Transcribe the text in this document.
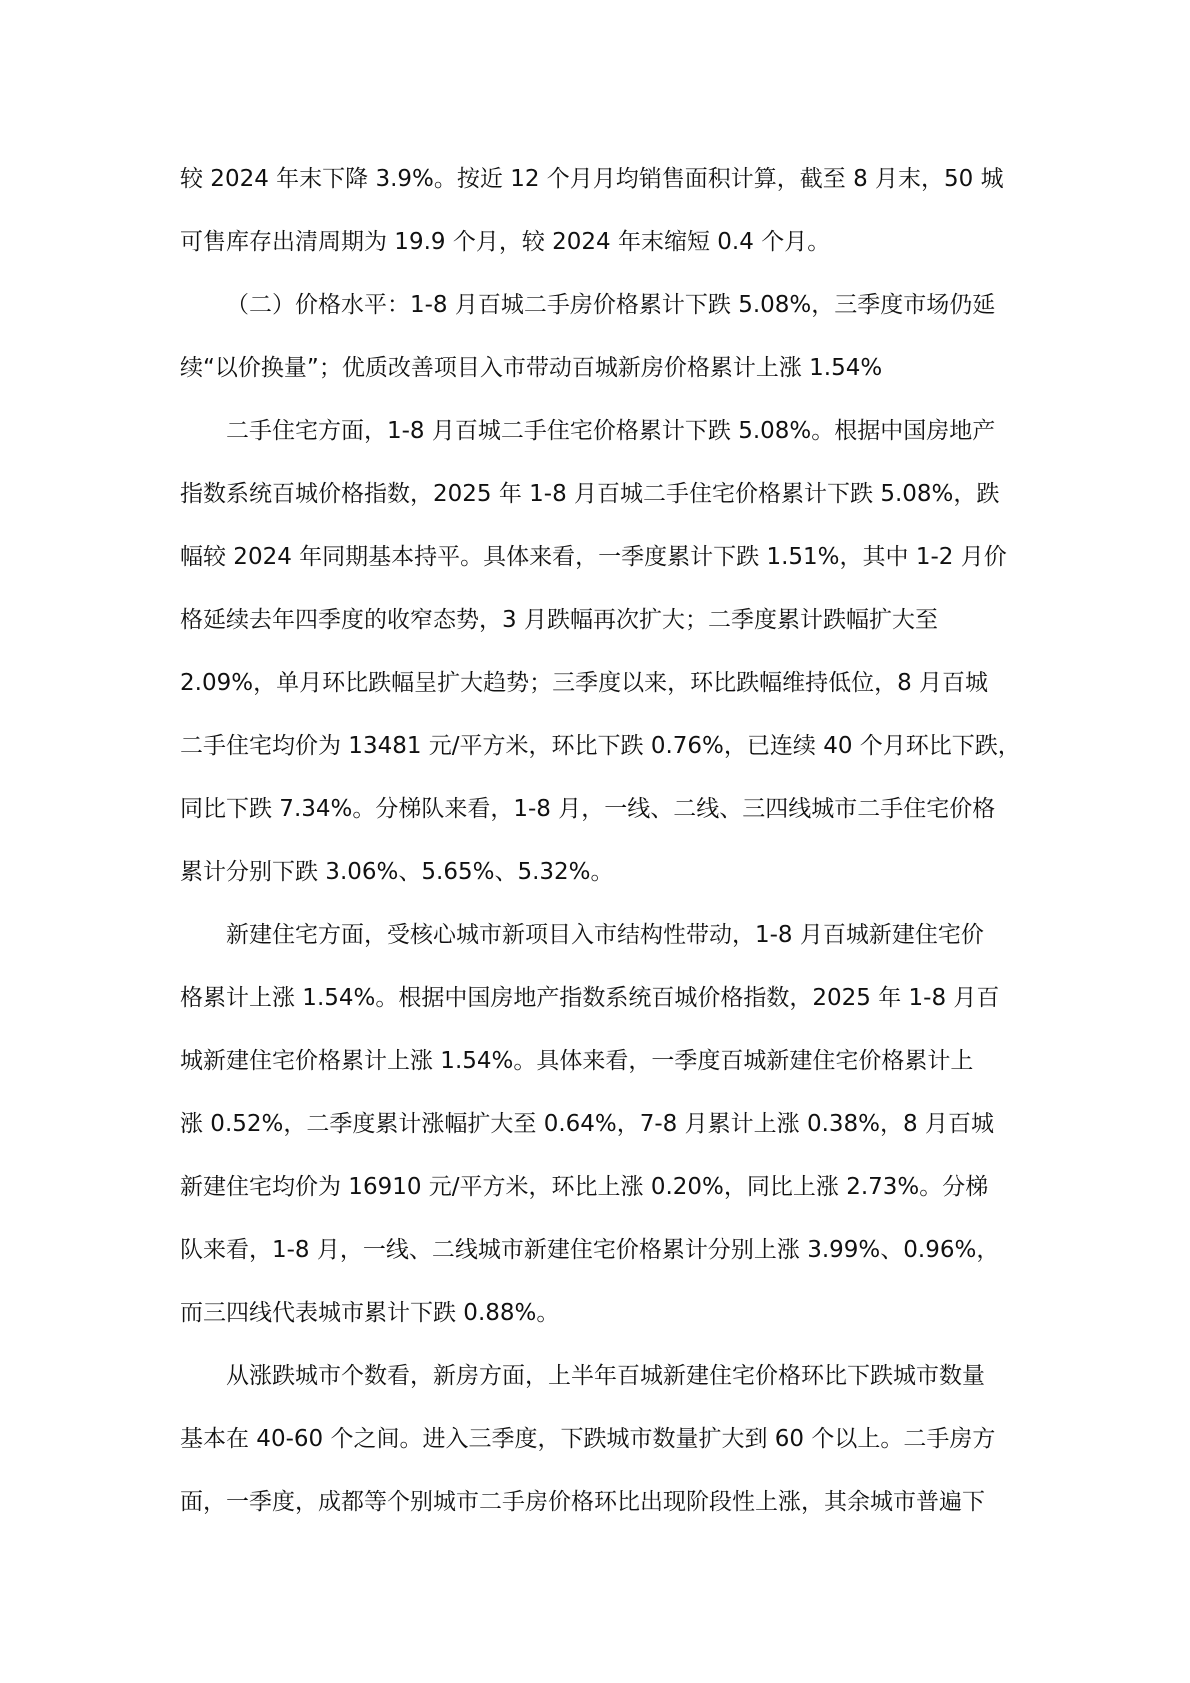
较 2024 年末下降 3.9%。按近 12 个月月均销售面积计算，截至 8 月末，50 城
可售库存出清周期为 19.9 个月，较 2024 年末缩短 0.4 个月。

（二）价格水平：1-8 月百城二手房价格累计下跌 5.08%，三季度市场仍延
续“以价换量”；优质改善项目入市带动百城新房价格累计上涨 1.54%

二手住宅方面，1-8 月百城二手住宅价格累计下跌 5.08%。根据中国房地产
指数系统百城价格指数，2025 年 1-8 月百城二手住宅价格累计下跌 5.08%，跌
幅较 2024 年同期基本持平。具体来看，一季度累计下跌 1.51%，其中 1-2 月价
格延续去年四季度的收窄态势，3 月跌幅再次扩大；二季度累计跌幅扩大至
2.09%，单月环比跌幅呈扩大趋势；三季度以来，环比跌幅维持低位，8 月百城
二手住宅均价为 13481 元/平方米，环比下跌 0.76%，已连续 40 个月环比下跌，
同比下跌 7.34%。分梯队来看，1-8 月，一线、二线、三四线城市二手住宅价格
累计分别下跌 3.06%、5.65%、5.32%。

新建住宅方面，受核心城市新项目入市结构性带动，1-8 月百城新建住宅价
格累计上涨 1.54%。根据中国房地产指数系统百城价格指数，2025 年 1-8 月百
城新建住宅价格累计上涨 1.54%。具体来看，一季度百城新建住宅价格累计上
涨 0.52%，二季度累计涨幅扩大至 0.64%，7-8 月累计上涨 0.38%，8 月百城
新建住宅均价为 16910 元/平方米，环比上涨 0.20%，同比上涨 2.73%。分梯
队来看，1-8 月，一线、二线城市新建住宅价格累计分别上涨 3.99%、0.96%，
而三四线代表城市累计下跌 0.88%。

从涨跌城市个数看，新房方面，上半年百城新建住宅价格环比下跌城市数量
基本在 40-60 个之间。进入三季度，下跌城市数量扩大到 60 个以上。二手房方
面，一季度，成都等个别城市二手房价格环比出现阶段性上涨，其余城市普遍下
